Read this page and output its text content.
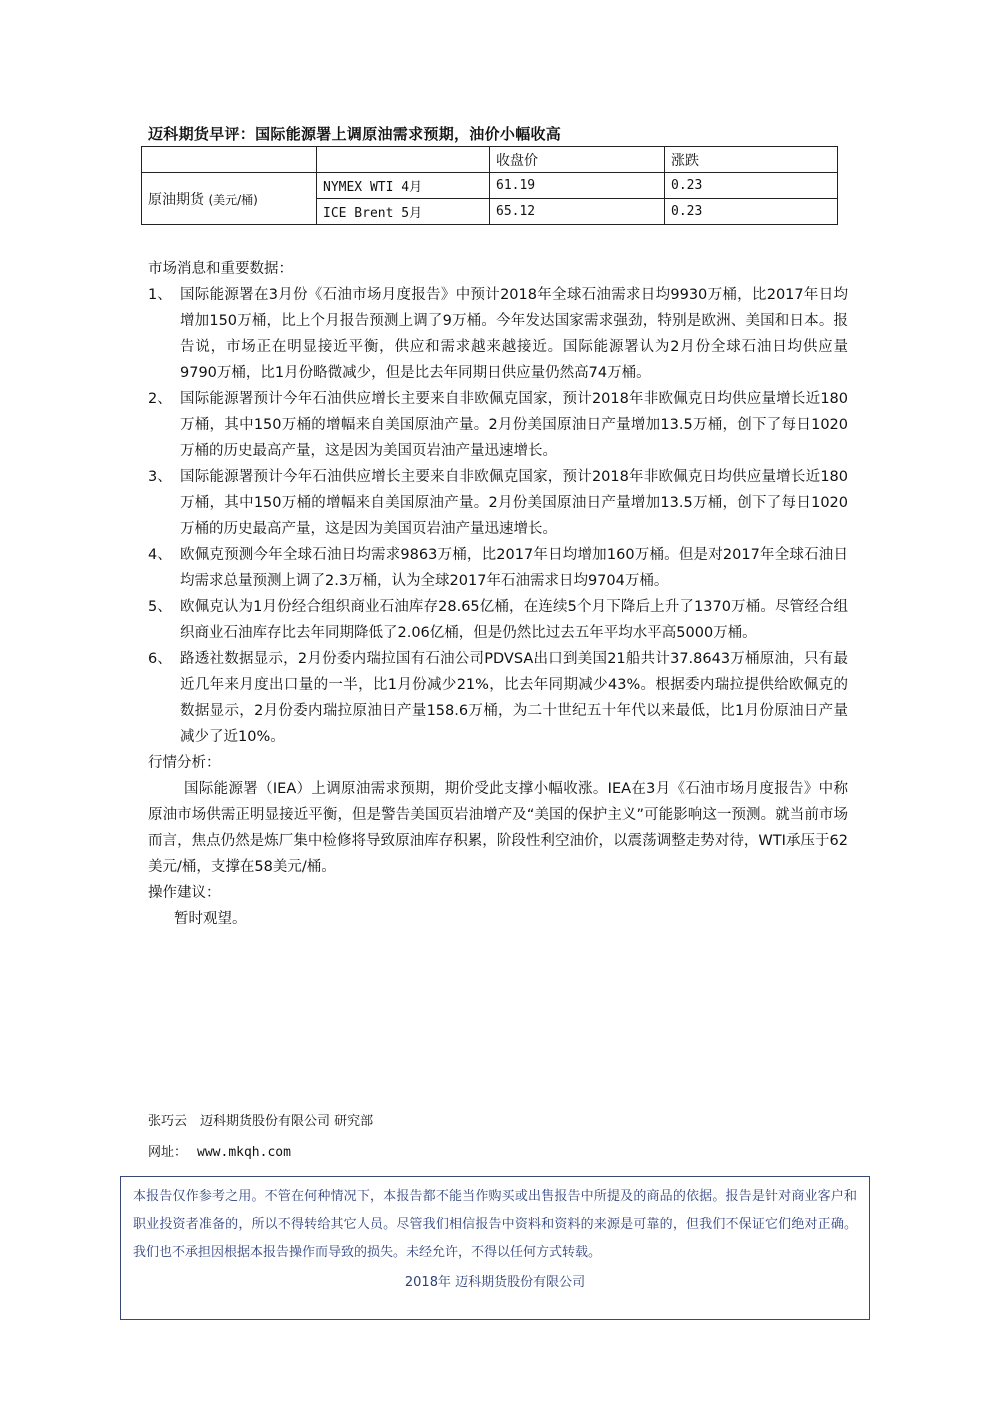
迈科期货早评：国际能源署上调原油需求预期，油价小幅收高
		收盘价	涨跌
原油期货 (美元/桶)	NYMEX WTI 4月	61.19	0.23
	ICE Brent 5月	65.12	0.23

市场消息和重要数据：

1、 国际能源署在3月份《石油市场月度报告》中预计2018年全球石油需求日均9930万桶，比2017年日均增加150万桶，比上个月报告预测上调了9万桶。今年发达国家需求强劲，特别是欧洲、美国和日本。报告说，市场正在明显接近平衡，供应和需求越来越接近。国际能源署认为2月份全球石油日均供应量9790万桶，比1月份略微减少，但是比去年同期日供应量仍然高74万桶。
2、 国际能源署预计今年石油供应增长主要来自非欧佩克国家，预计2018年非欧佩克日均供应量增长近180万桶，其中150万桶的增幅来自美国原油产量。2月份美国原油日产量增加13.5万桶，创下了每日1020万桶的历史最高产量，这是因为美国页岩油产量迅速增长。
3、 国际能源署预计今年石油供应增长主要来自非欧佩克国家，预计2018年非欧佩克日均供应量增长近180万桶，其中150万桶的增幅来自美国原油产量。2月份美国原油日产量增加13.5万桶，创下了每日1020万桶的历史最高产量，这是因为美国页岩油产量迅速增长。
4、 欧佩克预测今年全球石油日均需求9863万桶，比2017年日均增加160万桶。但是对2017年全球石油日均需求总量预测上调了2.3万桶，认为全球2017年石油需求日均9704万桶。
5、 欧佩克认为1月份经合组织商业石油库存28.65亿桶，在连续5个月下降后上升了1370万桶。尽管经合组织商业石油库存比去年同期降低了2.06亿桶，但是仍然比过去五年平均水平高5000万桶。
6、 路透社数据显示，2月份委内瑞拉国有石油公司PDVSA出口到美国21船共计37.8643万桶原油，只有最近几年来月度出口量的一半，比1月份减少21%，比去年同期减少43%。根据委内瑞拉提供给欧佩克的数据显示，2月份委内瑞拉原油日产量158.6万桶，为二十世纪五十年代以来最低，比1月份原油日产量减少了近10%。

行情分析：

国际能源署（IEA）上调原油需求预期，期价受此支撑小幅收涨。IEA在3月《石油市场月度报告》中称原油市场供需正明显接近平衡，但是警告美国页岩油增产及“美国的保护主义”可能影响这一预测。就当前市场而言，焦点仍然是炼厂集中检修将导致原油库存积累，阶段性利空油价，以震荡调整走势对待，WTI承压于62美元/桶，支撑在58美元/桶。

操作建议：

暂时观望。

张巧云　迈科期货股份有限公司 研究部
网址： www.mkqh.com
本报告仅作参考之用。不管在何种情况下，本报告都不能当作购买或出售报告中所提及的商品的依据。报告是针对商业客户和职业投资者准备的，所以不得转给其它人员。尽管我们相信报告中资料和资料的来源是可靠的，但我们不保证它们绝对正确。我们也不承担因根据本报告操作而导致的损失。未经允许，不得以任何方式转载。
2018年 迈科期货股份有限公司
